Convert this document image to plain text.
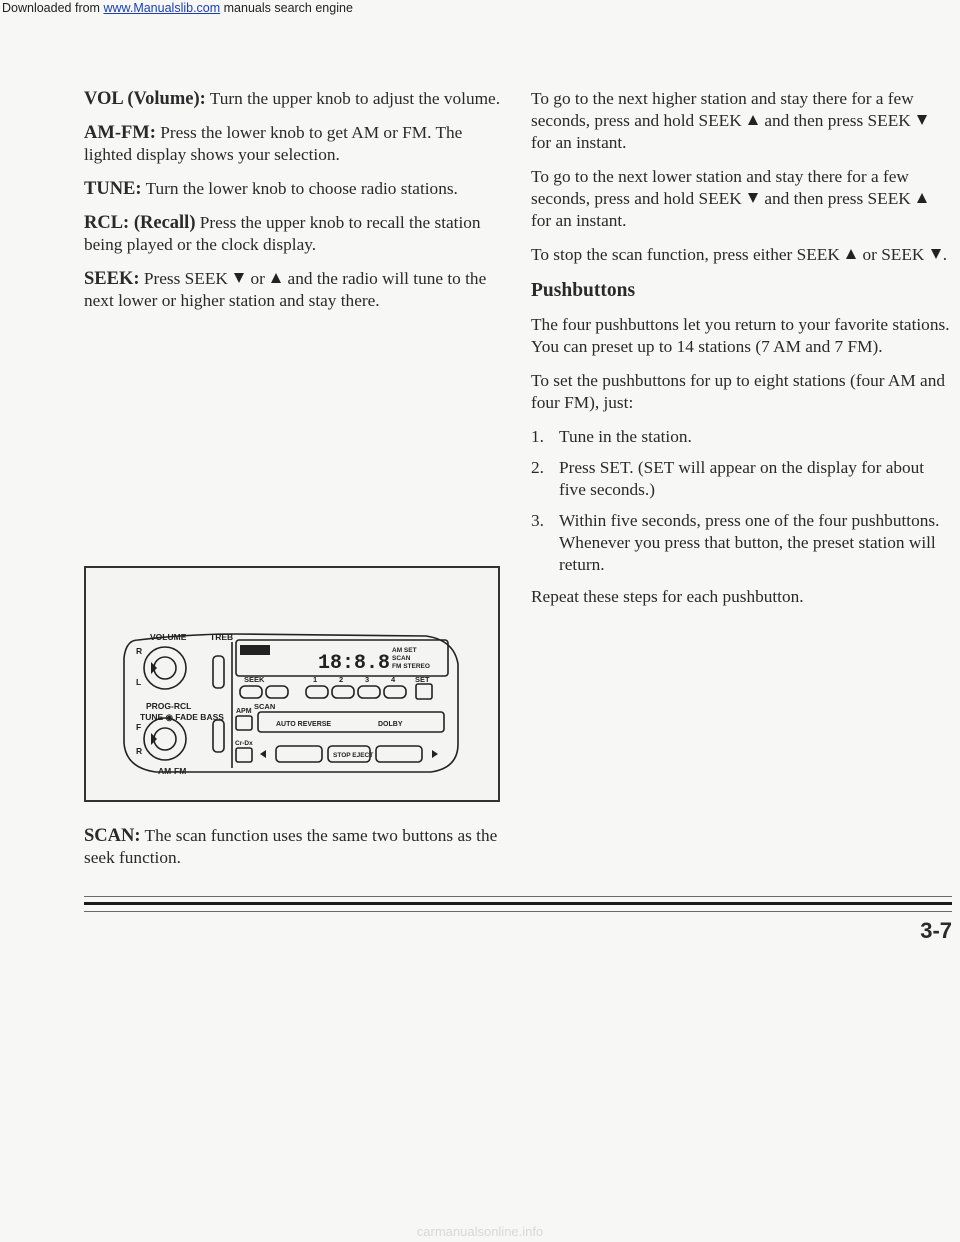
Downloaded from www.Manualslib.com manuals search engine

VOL (Volume): Turn the upper knob to adjust the volume.

AM-FM: Press the lower knob to get AM or FM. The lighted display shows your selection.

TUNE: Turn the lower knob to choose radio stations.

RCL: (Recall) Press the upper knob to recall the station being played or the clock display.

SEEK: Press SEEK  or  and the radio will tune to the next lower or higher station and stay there.

VOLUME	TREB
R
L
PROG-RCL
TUNE ◉ FADE BASS
F
R
AM-FM
SEEK	1	2	3	4	SET
SCAN
APM
AUTO REVERSE	DOLBY
Cr-Dx
STOP EJECT
18:8.8
AM SET
SCAN
FM STEREO

SCAN: The scan function uses the same two buttons as the seek function.

To go to the next higher station and stay there for a few seconds, press and hold SEEK  and then press SEEK  for an instant.

To go to the next lower station and stay there for a few seconds, press and hold SEEK  and then press SEEK  for an instant.

To stop the scan function, press either SEEK  or SEEK .

Pushbuttons

The four pushbuttons let you return to your favorite stations. You can preset up to 14 stations (7 AM and 7 FM).

To set the pushbuttons for up to eight stations (four AM and four FM), just:

1. Tune in the station.
2. Press SET. (SET will appear on the display for about five seconds.)
3. Within five seconds, press one of the four pushbuttons. Whenever you press that button, the preset station will return.

Repeat these steps for each pushbutton.

3-7
carmanualsonline.info
